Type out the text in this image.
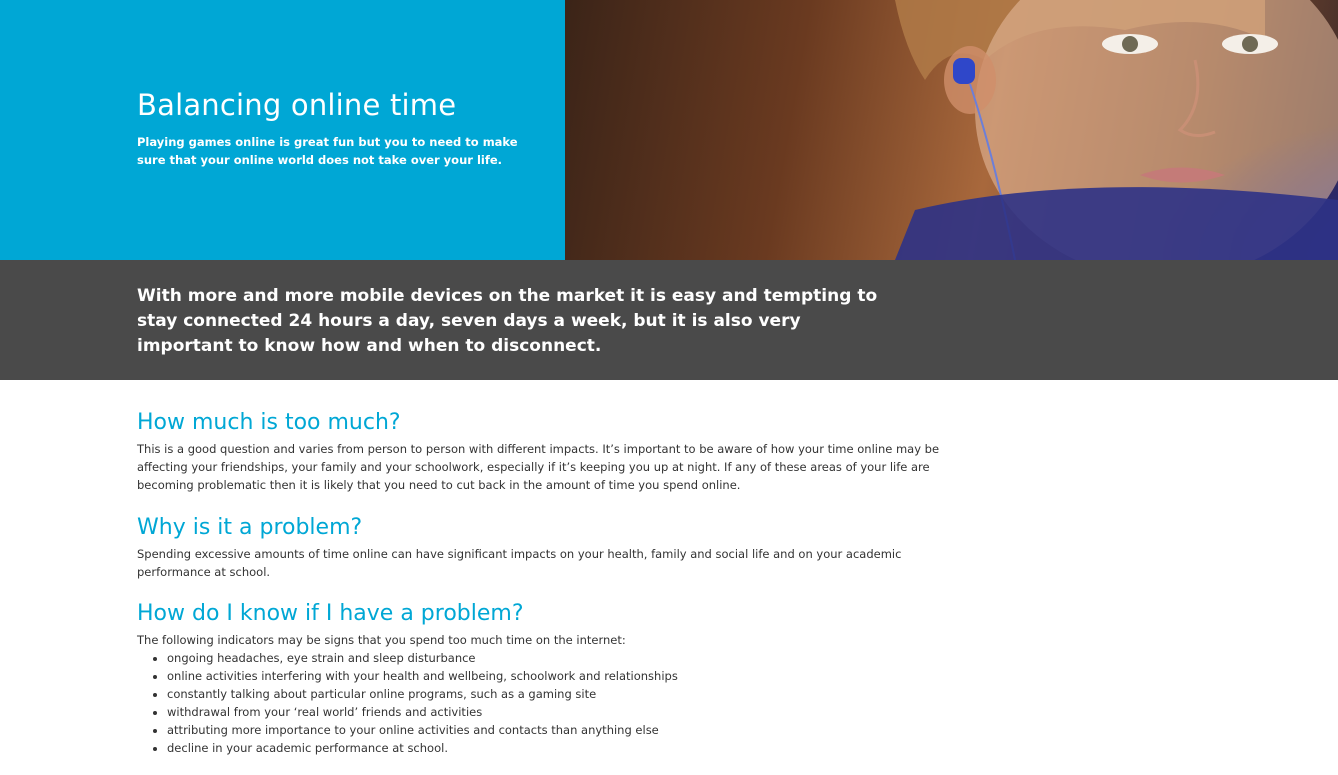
Balancing online time

Playing games online is great fun but you to need to make sure that your online world does not take over your life.

With more and more mobile devices on the market it is easy and tempting to stay connected 24 hours a day, seven days a week, but it is also very important to know how and when to disconnect.

How much is too much?

This is a good question and varies from person to person with different impacts. It’s important to be aware of how your time online may be affecting your friendships, your family and your schoolwork, especially if it’s keeping you up at night. If any of these areas of your life are becoming problematic then it is likely that you need to cut back in the amount of time you spend online.

Why is it a problem?

Spending excessive amounts of time online can have significant impacts on your health, family and social life and on your academic performance at school.

How do I know if I have a problem?

The following indicators may be signs that you spend too much time on the internet:

• ongoing headaches, eye strain and sleep disturbance
• online activities interfering with your health and wellbeing, schoolwork and relationships
• constantly talking about particular online programs, such as a gaming site
• withdrawal from your ‘real world’ friends and activities
• attributing more importance to your online activities and contacts than anything else
• decline in your academic performance at school.
